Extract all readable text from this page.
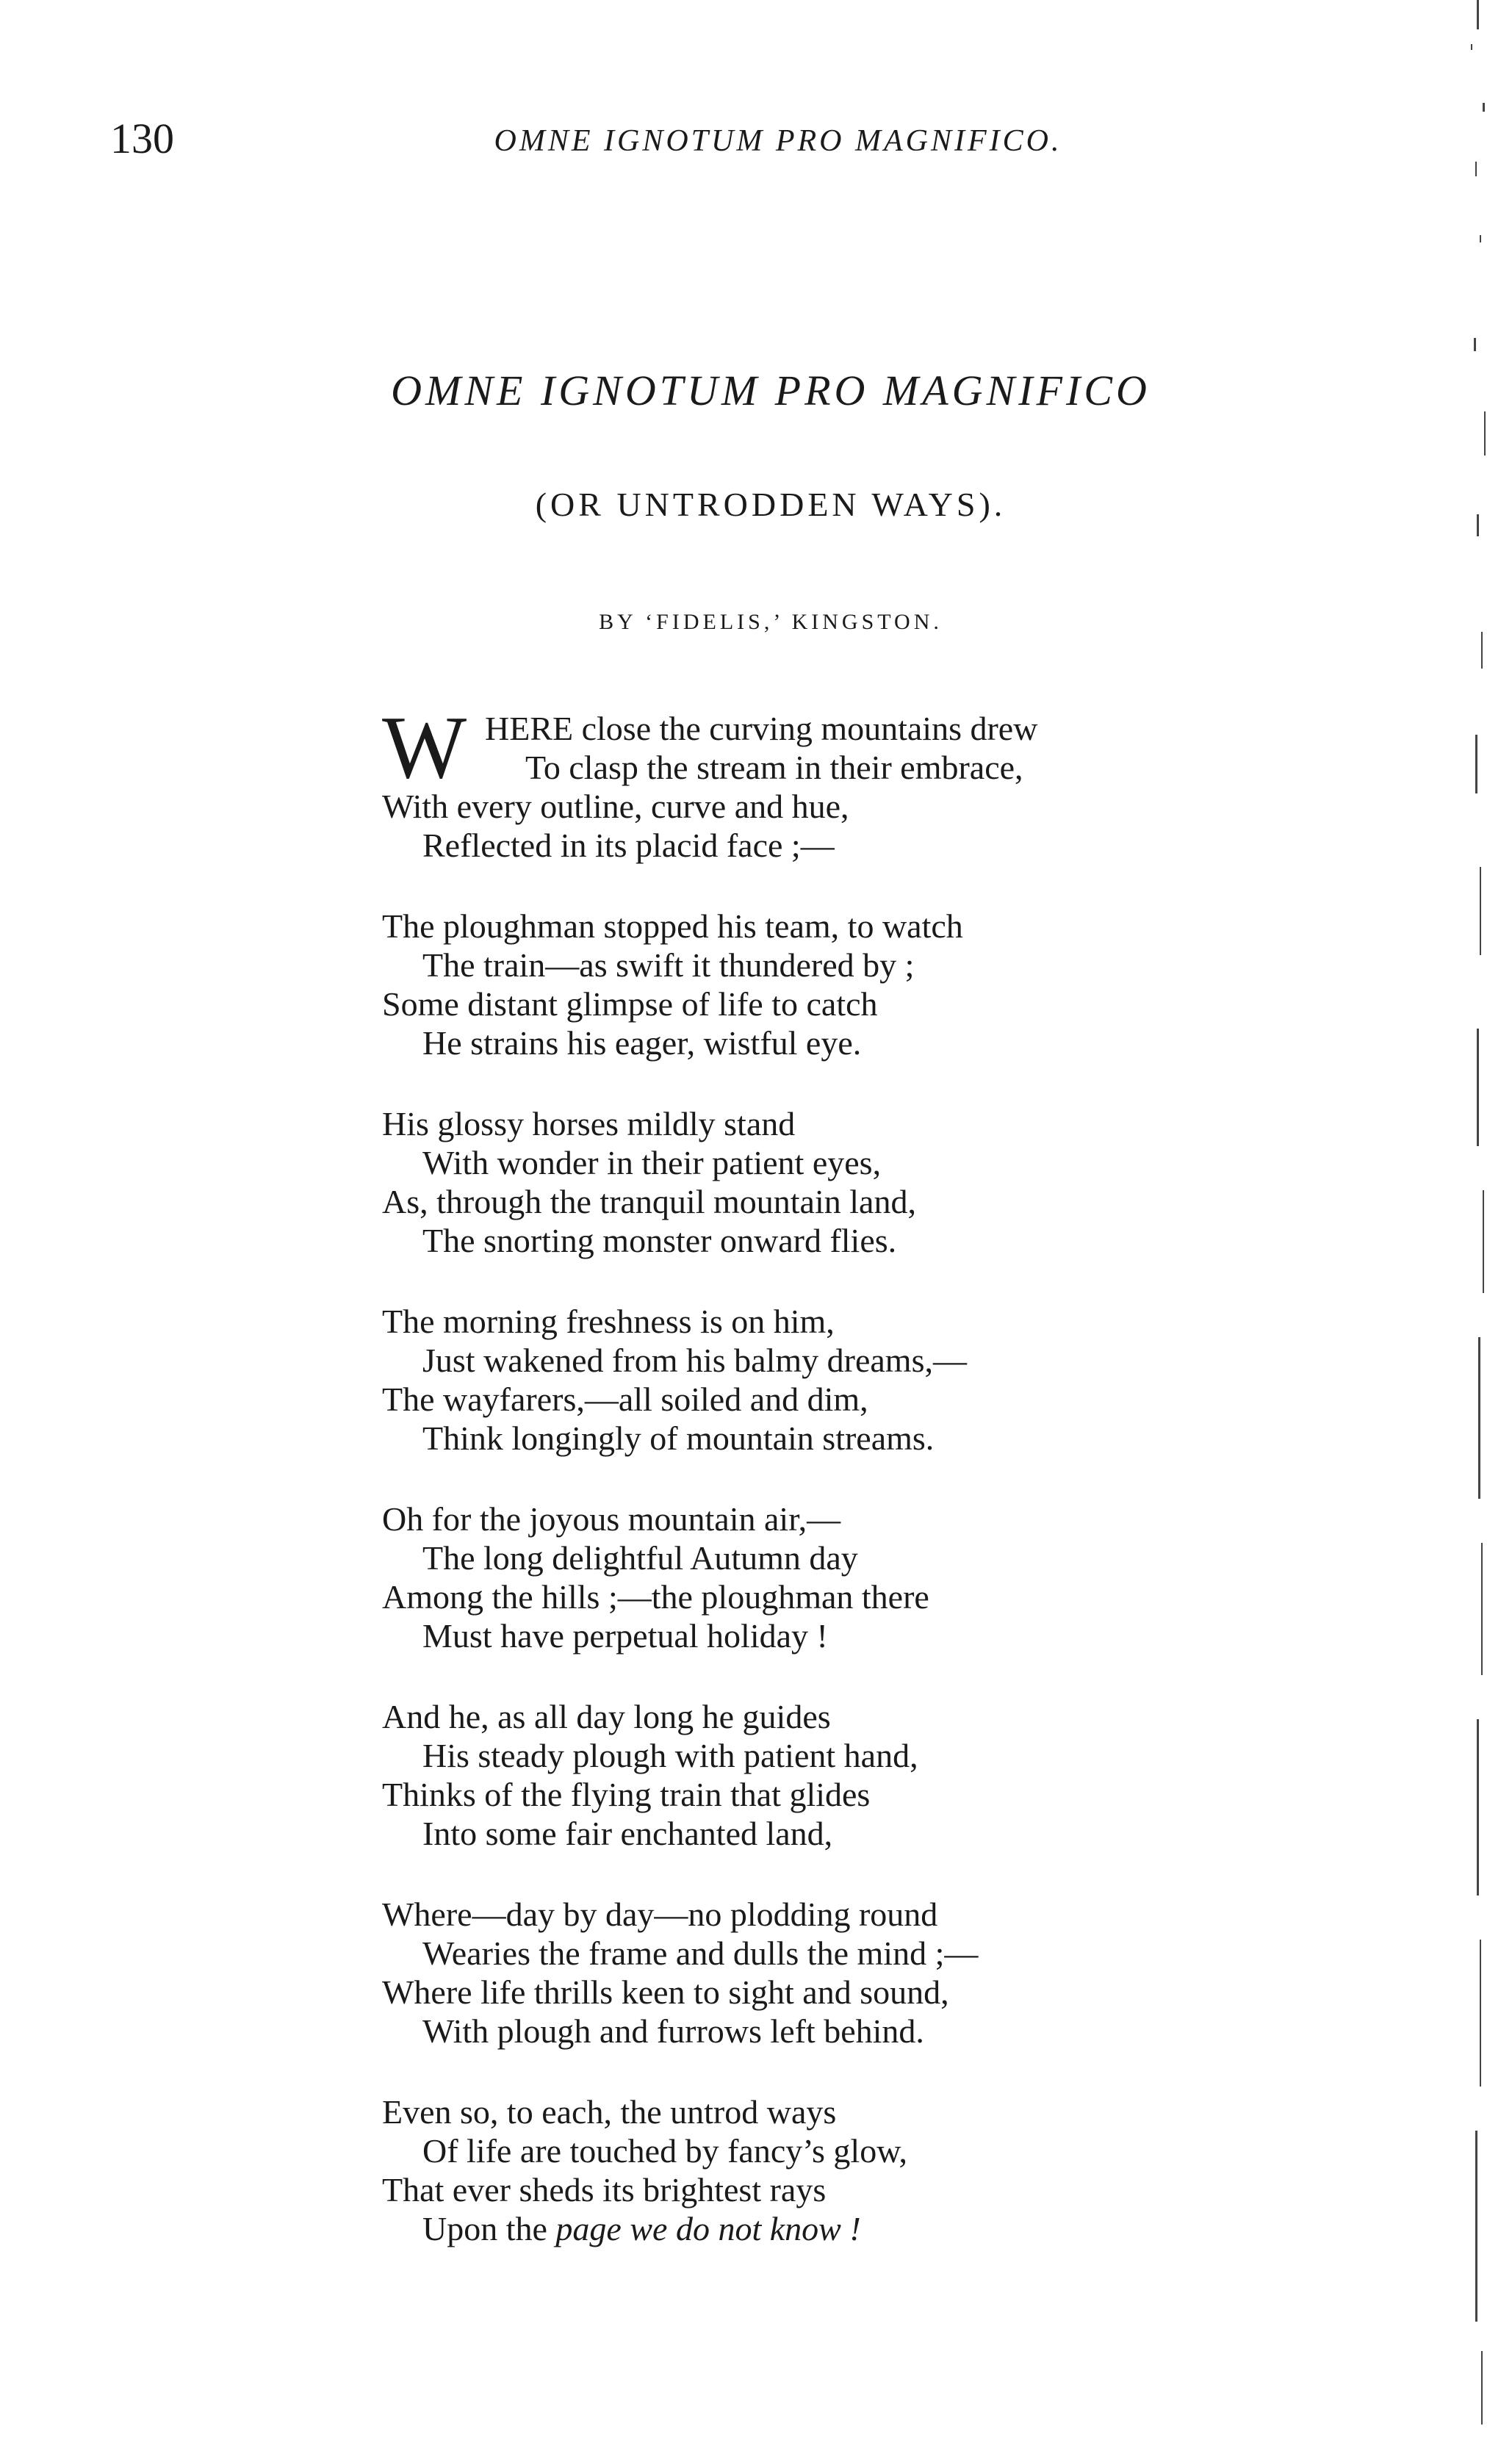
130	OMNE IGNOTUM PRO MAGNIFICO.
OMNE IGNOTUM PRO MAGNIFICO
(OR UNTRODDEN WAYS).
BY ‘FIDELIS,’ KINGSTON.
W HERE close the curving mountains drew
To clasp the stream in their embrace,
With every outline, curve and hue,
Reflected in its placid face ;—
The ploughman stopped his team, to watch
The train—as swift it thundered by ;
Some distant glimpse of life to catch
He strains his eager, wistful eye.
His glossy horses mildly stand
With wonder in their patient eyes,
As, through the tranquil mountain land,
The snorting monster onward flies.
The morning freshness is on him,
Just wakened from his balmy dreams,—
The wayfarers,—all soiled and dim,
Think longingly of mountain streams.
Oh for the joyous mountain air,—
The long delightful Autumn day
Among the hills ;—the ploughman there
Must have perpetual holiday !
And he, as all day long he guides
His steady plough with patient hand,
Thinks of the flying train that glides
Into some fair enchanted land,
Where—day by day—no plodding round
Wearies the frame and dulls the mind ;—
Where life thrills keen to sight and sound,
With plough and furrows left behind.
Even so, to each, the untrod ways
Of life are touched by fancy’s glow,
That ever sheds its brightest rays
Upon the page we do not know !
